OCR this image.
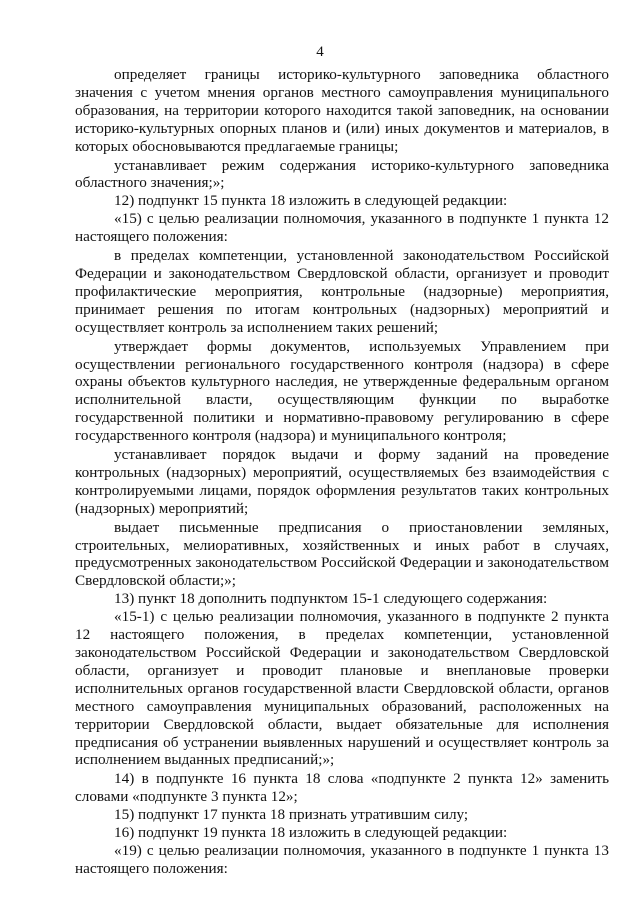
4

определяет границы историко-культурного заповедника областного значения с учетом мнения органов местного самоуправления муниципального образования, на территории которого находится такой заповедник, на основании историко-культурных опорных планов и (или) иных документов и материалов, в которых обосновываются предлагаемые границы;

устанавливает режим содержания историко-культурного заповедника областного значения;»;

12) подпункт 15 пункта 18 изложить в следующей редакции:

«15) с целью реализации полномочия, указанного в подпункте 1 пункта 12 настоящего положения:

в пределах компетенции, установленной законодательством Российской Федерации и законодательством Свердловской области, организует и проводит профилактические мероприятия, контрольные (надзорные) мероприятия, принимает решения по итогам контрольных (надзорных) мероприятий и осуществляет контроль за исполнением таких решений;

утверждает формы документов, используемых Управлением при осуществлении регионального государственного контроля (надзора) в сфере охраны объектов культурного наследия, не утвержденные федеральным органом исполнительной власти, осуществляющим функции по выработке государственной политики и нормативно-правовому регулированию в сфере государственного контроля (надзора) и муниципального контроля;

устанавливает порядок выдачи и форму заданий на проведение контрольных (надзорных) мероприятий, осуществляемых без взаимодействия с контролируемыми лицами, порядок оформления результатов таких контрольных (надзорных) мероприятий;

выдает письменные предписания о приостановлении земляных, строительных, мелиоративных, хозяйственных и иных работ в случаях, предусмотренных законодательством Российской Федерации и законодательством Свердловской области;»;

13) пункт 18 дополнить подпунктом 15-1 следующего содержания:

«15-1) с целью реализации полномочия, указанного в подпункте 2 пункта 12 настоящего положения, в пределах компетенции, установленной законодательством Российской Федерации и законодательством Свердловской области, организует и проводит плановые и внеплановые проверки исполнительных органов государственной власти Свердловской области, органов местного самоуправления муниципальных образований, расположенных на территории Свердловской области, выдает обязательные для исполнения предписания об устранении выявленных нарушений и осуществляет контроль за исполнением выданных предписаний;»;

14) в подпункте 16 пункта 18 слова «подпункте 2 пункта 12» заменить словами «подпункте 3 пункта 12»;

15) подпункт 17 пункта 18 признать утратившим силу;

16) подпункт 19 пункта 18 изложить в следующей редакции:

«19) с целью реализации полномочия, указанного в подпункте 1 пункта 13 настоящего положения:
